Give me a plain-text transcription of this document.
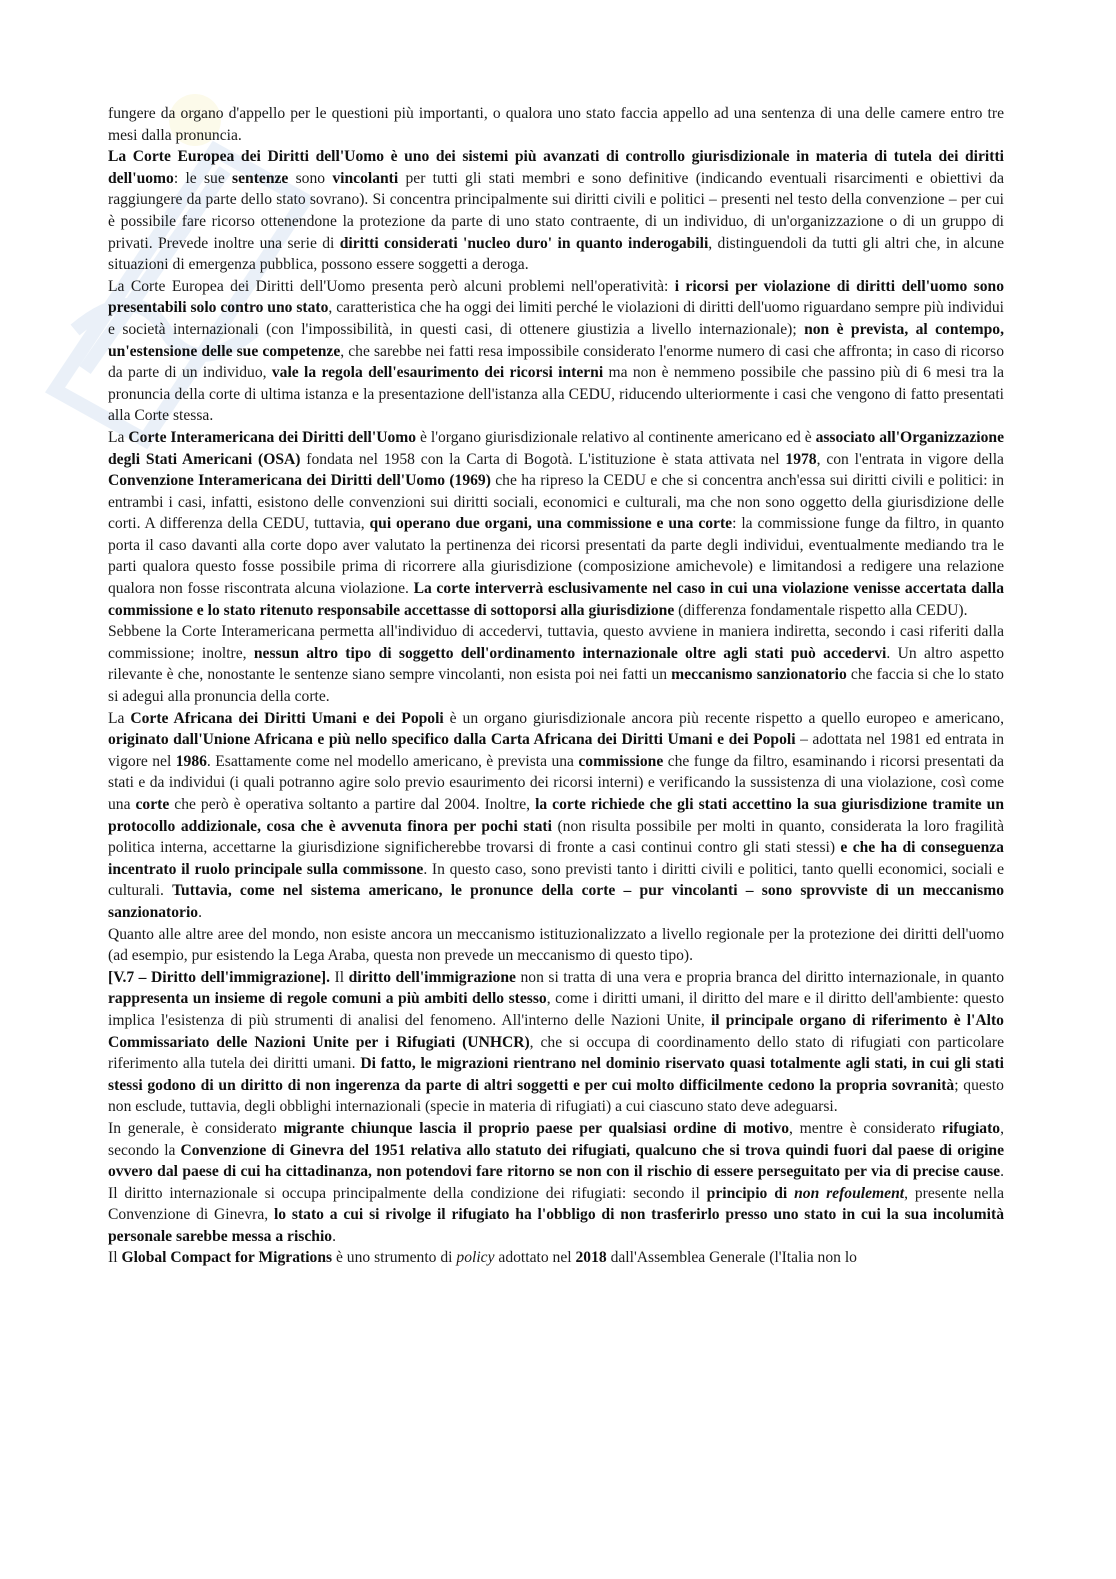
fungere da organo d'appello per le questioni più importanti, o qualora uno stato faccia appello ad una sentenza di una delle camere entro tre mesi dalla pronuncia.

La Corte Europea dei Diritti dell'Uomo è uno dei sistemi più avanzati di controllo giurisdizionale in materia di tutela dei diritti dell'uomo: le sue sentenze sono vincolanti per tutti gli stati membri e sono definitive (indicando eventuali risarcimenti e obiettivi da raggiungere da parte dello stato sovrano). Si concentra principalmente sui diritti civili e politici – presenti nel testo della convenzione – per cui è possibile fare ricorso ottenendone la protezione da parte di uno stato contraente, di un individuo, di un'organizzazione o di un gruppo di privati. Prevede inoltre una serie di diritti considerati 'nucleo duro' in quanto inderogabili, distinguendoli da tutti gli altri che, in alcune situazioni di emergenza pubblica, possono essere soggetti a deroga.

La Corte Europea dei Diritti dell'Uomo presenta però alcuni problemi nell'operatività: i ricorsi per violazione di diritti dell'uomo sono presentabili solo contro uno stato, caratteristica che ha oggi dei limiti perché le violazioni di diritti dell'uomo riguardano sempre più individui e società internazionali (con l'impossibilità, in questi casi, di ottenere giustizia a livello internazionale); non è prevista, al contempo, un'estensione delle sue competenze, che sarebbe nei fatti resa impossibile considerato l'enorme numero di casi che affronta; in caso di ricorso da parte di un individuo, vale la regola dell'esaurimento dei ricorsi interni ma non è nemmeno possibile che passino più di 6 mesi tra la pronuncia della corte di ultima istanza e la presentazione dell'istanza alla CEDU, riducendo ulteriormente i casi che vengono di fatto presentati alla Corte stessa.

La Corte Interamericana dei Diritti dell'Uomo è l'organo giurisdizionale relativo al continente americano ed è associato all'Organizzazione degli Stati Americani (OSA) fondata nel 1958 con la Carta di Bogotà. L'istituzione è stata attivata nel 1978, con l'entrata in vigore della Convenzione Interamericana dei Diritti dell'Uomo (1969) che ha ripreso la CEDU e che si concentra anch'essa sui diritti civili e politici: in entrambi i casi, infatti, esistono delle convenzioni sui diritti sociali, economici e culturali, ma che non sono oggetto della giurisdizione delle corti. A differenza della CEDU, tuttavia, qui operano due organi, una commissione e una corte: la commissione funge da filtro, in quanto porta il caso davanti alla corte dopo aver valutato la pertinenza dei ricorsi presentati da parte degli individui, eventualmente mediando tra le parti qualora questo fosse possibile prima di ricorrere alla giurisdizione (composizione amichevole) e limitandosi a redigere una relazione qualora non fosse riscontrata alcuna violazione. La corte interverrà esclusivamente nel caso in cui una violazione venisse accertata dalla commissione e lo stato ritenuto responsabile accettasse di sottoporsi alla giurisdizione (differenza fondamentale rispetto alla CEDU).

Sebbene la Corte Interamericana permetta all'individuo di accedervi, tuttavia, questo avviene in maniera indiretta, secondo i casi riferiti dalla commissione; inoltre, nessun altro tipo di soggetto dell'ordinamento internazionale oltre agli stati può accedervi. Un altro aspetto rilevante è che, nonostante le sentenze siano sempre vincolanti, non esista poi nei fatti un meccanismo sanzionatorio che faccia si che lo stato si adegui alla pronuncia della corte.

La Corte Africana dei Diritti Umani e dei Popoli è un organo giurisdizionale ancora più recente rispetto a quello europeo e americano, originato dall'Unione Africana e più nello specifico dalla Carta Africana dei Diritti Umani e dei Popoli – adottata nel 1981 ed entrata in vigore nel 1986. Esattamente come nel modello americano, è prevista una commissione che funge da filtro, esaminando i ricorsi presentati da stati e da individui (i quali potranno agire solo previo esaurimento dei ricorsi interni) e verificando la sussistenza di una violazione, così come una corte che però è operativa soltanto a partire dal 2004. Inoltre, la corte richiede che gli stati accettino la sua giurisdizione tramite un protocollo addizionale, cosa che è avvenuta finora per pochi stati (non risulta possibile per molti in quanto, considerata la loro fragilità politica interna, accettarne la giurisdizione significherebbe trovarsi di fronte a casi continui contro gli stati stessi) e che ha di conseguenza incentrato il ruolo principale sulla commissone. In questo caso, sono previsti tanto i diritti civili e politici, tanto quelli economici, sociali e culturali. Tuttavia, come nel sistema americano, le pronunce della corte – pur vincolanti – sono sprovviste di un meccanismo sanzionatorio.

Quanto alle altre aree del mondo, non esiste ancora un meccanismo istituzionalizzato a livello regionale per la protezione dei diritti dell'uomo (ad esempio, pur esistendo la Lega Araba, questa non prevede un meccanismo di questo tipo).

[V.7 – Diritto dell'immigrazione]. Il diritto dell'immigrazione non si tratta di una vera e propria branca del diritto internazionale, in quanto rappresenta un insieme di regole comuni a più ambiti dello stesso, come i diritti umani, il diritto del mare e il diritto dell'ambiente: questo implica l'esistenza di più strumenti di analisi del fenomeno. All'interno delle Nazioni Unite, il principale organo di riferimento è l'Alto Commissariato delle Nazioni Unite per i Rifugiati (UNHCR), che si occupa di coordinamento dello stato di rifugiati con particolare riferimento alla tutela dei diritti umani. Di fatto, le migrazioni rientrano nel dominio riservato quasi totalmente agli stati, in cui gli stati stessi godono di un diritto di non ingerenza da parte di altri soggetti e per cui molto difficilmente cedono la propria sovranità; questo non esclude, tuttavia, degli obblighi internazionali (specie in materia di rifugiati) a cui ciascuno stato deve adeguarsi.

In generale, è considerato migrante chiunque lascia il proprio paese per qualsiasi ordine di motivo, mentre è considerato rifugiato, secondo la Convenzione di Ginevra del 1951 relativa allo statuto dei rifugiati, qualcuno che si trova quindi fuori dal paese di origine ovvero dal paese di cui ha cittadinanza, non potendovi fare ritorno se non con il rischio di essere perseguitato per via di precise cause. Il diritto internazionale si occupa principalmente della condizione dei rifugiati: secondo il principio di non refoulement, presente nella Convenzione di Ginevra, lo stato a cui si rivolge il rifugiato ha l'obbligo di non trasferirlo presso uno stato in cui la sua incolumità personale sarebbe messa a rischio.

Il Global Compact for Migrations è uno strumento di policy adottato nel 2018 dall'Assemblea Generale (l'Italia non lo
